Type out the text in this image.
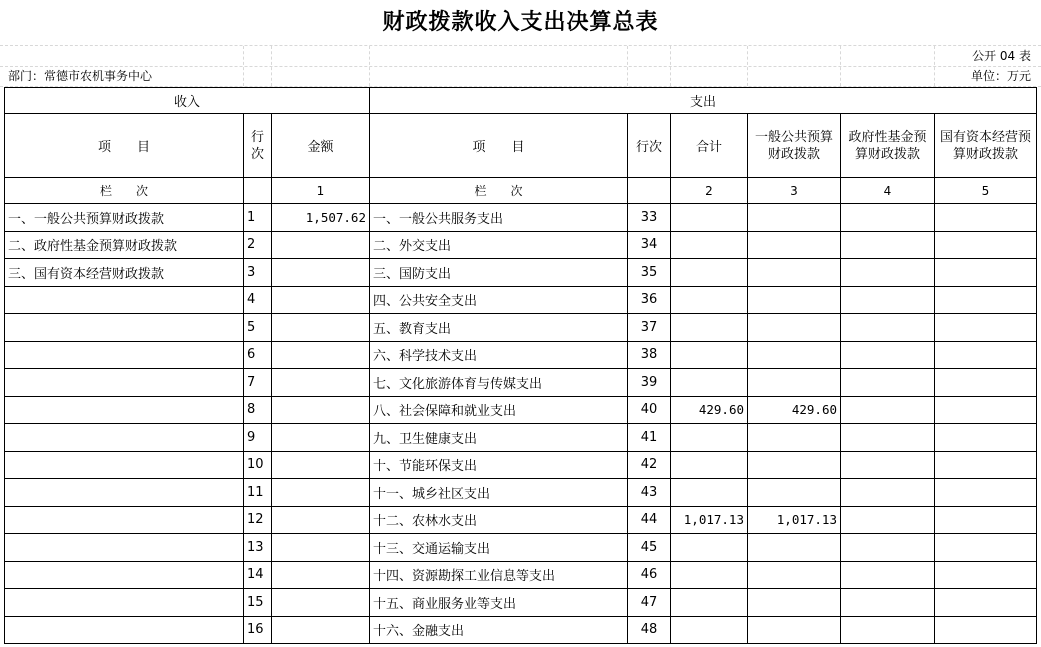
财政拨款收入支出决算总表
公开 04 表
部门：常德市农机事务中心	单位：万元
收入			支出					
项　　目	行次	金额	项　　目	行次	合计	一般公共预算财政拨款	政府性基金预算财政拨款	国有资本经营预算财政拨款
栏　　次		1	栏　　次		2	3	4	5
一、一般公共预算财政拨款	1	1,507.62	一、一般公共服务支出	33				
二、政府性基金预算财政拨款	2		二、外交支出	34				
三、国有资本经营财政拨款	3		三、国防支出	35				
	4		四、公共安全支出	36				
	5		五、教育支出	37				
	6		六、科学技术支出	38				
	7		七、文化旅游体育与传媒支出	39				
	8		八、社会保障和就业支出	40	429.60	429.60		
	9		九、卫生健康支出	41				
	10		十、节能环保支出	42				
	11		十一、城乡社区支出	43				
	12		十二、农林水支出	44	1,017.13	1,017.13		
	13		十三、交通运输支出	45				
	14		十四、资源勘探工业信息等支出	46				
	15		十五、商业服务业等支出	47				
	16		十六、金融支出	48				
